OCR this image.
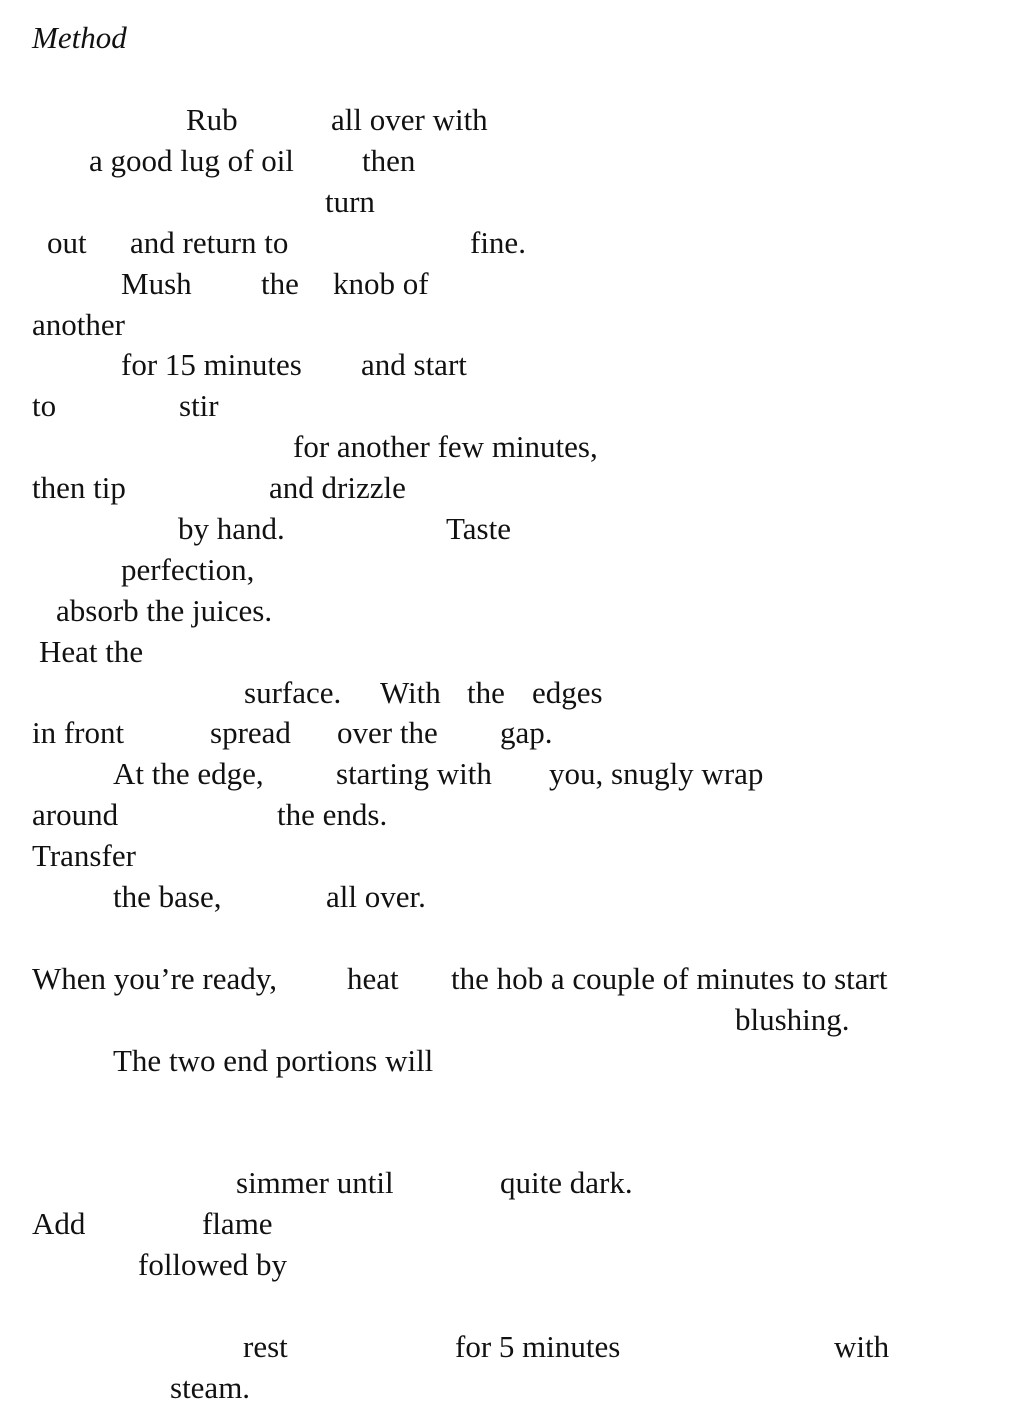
Method
Rub	all over with
a good lug of oil then
turn
out and return to	fine.
Mush the knob of
another
for 15 minutes and start
to	stir
for another few minutes,
then tip	and drizzle
by hand.	Taste
perfection,
absorb the juices.
Heat the
surface. With the edges
in front	spread over the gap.
At the edge, starting with you, snugly wrap
around	the ends.
Transfer
the base,	all over.
When you’re ready, heat the hob a couple of minutes to start
blushing.
The two end portions will
simmer until	quite dark.
Add	flame
followed by
rest	for 5 minutes	with
steam.
